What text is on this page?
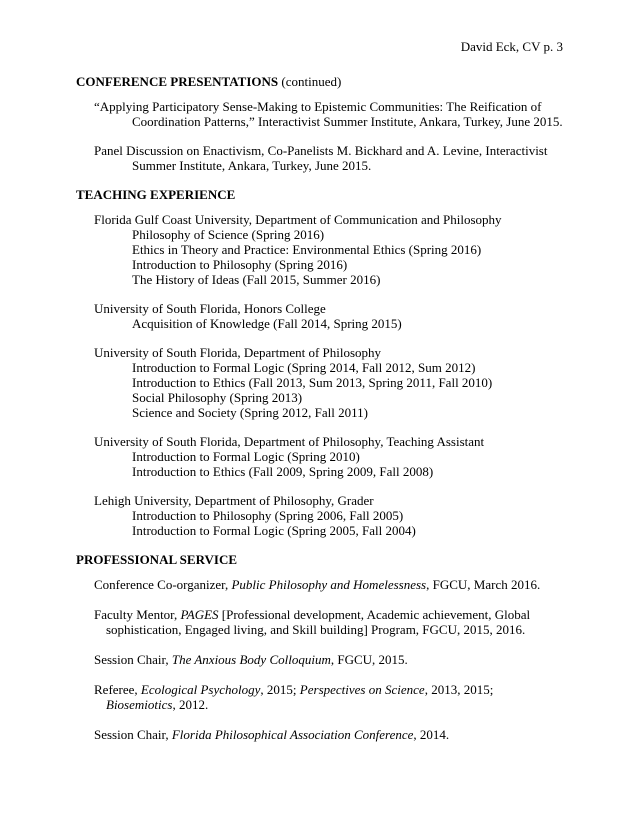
David Eck, CV p. 3
CONFERENCE PRESENTATIONS (continued)
“Applying Participatory Sense-Making to Epistemic Communities: The Reification of Coordination Patterns,” Interactivist Summer Institute, Ankara, Turkey, June 2015.
Panel Discussion on Enactivism, Co-Panelists M. Bickhard and A. Levine, Interactivist Summer Institute, Ankara, Turkey, June 2015.
TEACHING EXPERIENCE
Florida Gulf Coast University, Department of Communication and Philosophy
Philosophy of Science (Spring 2016)
Ethics in Theory and Practice: Environmental Ethics (Spring 2016)
Introduction to Philosophy (Spring 2016)
The History of Ideas (Fall 2015, Summer 2016)
University of South Florida, Honors College
Acquisition of Knowledge (Fall 2014, Spring 2015)
University of South Florida, Department of Philosophy
Introduction to Formal Logic (Spring 2014, Fall 2012, Sum 2012)
Introduction to Ethics (Fall 2013, Sum 2013, Spring 2011, Fall 2010)
Social Philosophy (Spring 2013)
Science and Society (Spring 2012, Fall 2011)
University of South Florida, Department of Philosophy, Teaching Assistant
Introduction to Formal Logic (Spring 2010)
Introduction to Ethics (Fall 2009, Spring 2009, Fall 2008)
Lehigh University, Department of Philosophy, Grader
Introduction to Philosophy (Spring 2006, Fall 2005)
Introduction to Formal Logic (Spring 2005, Fall 2004)
PROFESSIONAL SERVICE
Conference Co-organizer, Public Philosophy and Homelessness, FGCU, March 2016.
Faculty Mentor, PAGES [Professional development, Academic achievement, Global sophistication, Engaged living, and Skill building] Program, FGCU, 2015, 2016.
Session Chair, The Anxious Body Colloquium, FGCU, 2015.
Referee, Ecological Psychology, 2015; Perspectives on Science, 2013, 2015; Biosemiotics, 2012.
Session Chair, Florida Philosophical Association Conference, 2014.
